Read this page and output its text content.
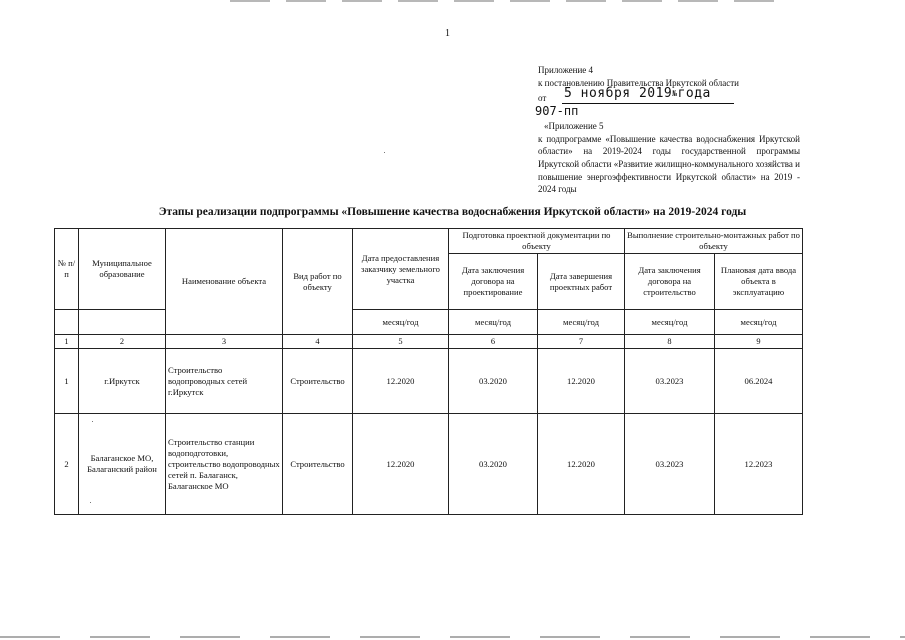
1

Приложение 4

к постановлению Правительства Иркутской области

от 5 ноября 2019№года
907-пп

«Приложение 5

к подпрограмме «Повышение качества водоснабжения Иркутской области» на 2019-2024 годы государственной программы Иркутской области «Развитие жилищно-коммунального хозяйства и повышение энергоэффективности Иркутской области» на 2019 - 2024 годы

Этапы реализации подпрограммы «Повышение качества водоснабжения Иркутской области» на 2019-2024 годы
№ п/п	Муниципальное образование	Наименование объекта	Вид работ по объекту	Дата предоставления заказчику земельного участка	Подготовка проектной документации по объекту		Выполнение строительно-монтажных работ по объекту	
					Дата заключения договора на проектирование	Дата завершения проектных работ	Дата заключения договора на строительство	Плановая дата ввода объекта в эксплуатацию
				месяц/год	месяц/год	месяц/год	месяц/год	месяц/год
1	2	3	4	5	6	7	8	9
1	г.Иркутск	Строительство водопроводных сетей г.Иркутск	Строительство	12.2020	03.2020	12.2020	03.2023	06.2024
2	Балаганское МО, Балаганский район	Строительство станции водоподготовки, строительство водопроводных сетей п. Балаганск, Балаганское МО	Строительство	12.2020	03.2020	12.2020	03.2023	12.2023
